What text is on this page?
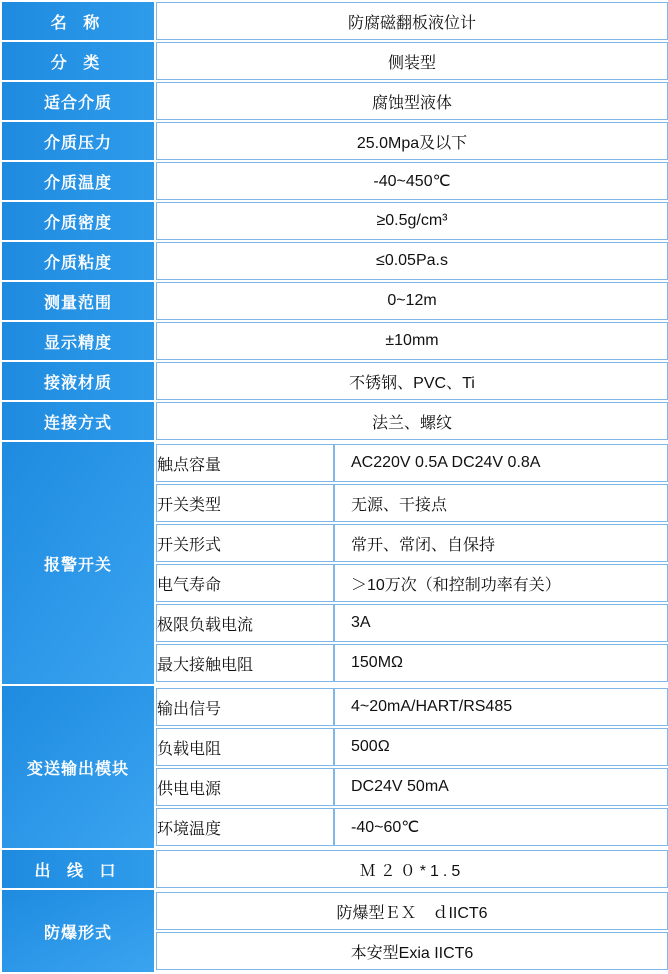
名 称	防腐磁翻板液位计
分 类	侧装型
适合介质	腐蚀型液体
介质压力	25.0Mpa及以下
介质温度	-40~450℃
介质密度	≥0.5g/cm³
介质粘度	≤0.05Pa.s
测量范围	0~12m
显示精度	±10mm
接液材质	不锈钢、PVC、Ti
连接方式	法兰、螺纹
报警开关	
触点容量	AC220V 0.5A DC24V 0.8A
开关类型	无源、干接点
开关形式	常开、常闭、自保持
电气寿命	＞10万次（和控制功率有关）
极限负载电流	3A
最大接触电阻	150MΩ

变送输出模块	
输出信号	4~20mA/HART/RS485
负载电阻	500Ω
供电电源	DC24V 50mA
环境温度	-40~60℃

出 线 口	Ｍ２０*1.5
防爆形式	
防爆型ＥＸ　ｄIICT6
本安型Exia IICT6
